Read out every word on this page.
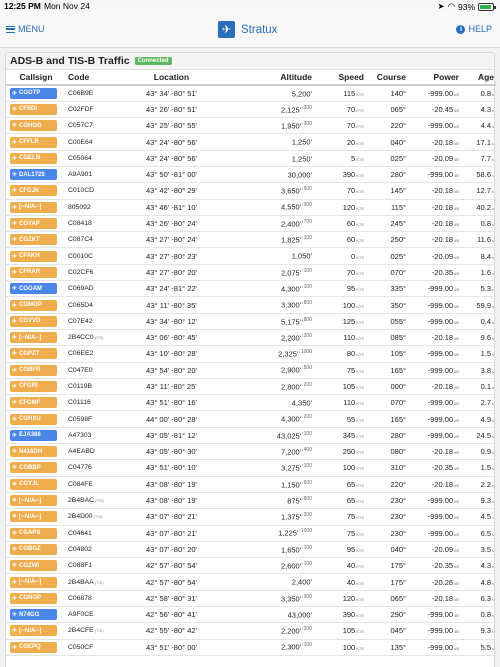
12:25 PM Mon Nov 24	➤ ◠ 93%
MENU	✈ Stratux	i HELP
ADS-B and TIS-B Traffic	Connected
Callsign	Code	Location	Altitude	Speed	Course	Power	Age

✈ CGOTP	C06B9E	43° 34' -80° 51'	5,200'	115KTS	140°	-999.00dB	0.8s

✈ CFSDI	C02FDF	43° 26' -80° 51'	$2,125'^{↑200}$	70KTS	065°	-20.45dB	4.3s

✈ CGHGG	C057C7	43° 25' -80° 55'	$1,950'^{↑300}$	70KTS	220°	-999.00dB	4.4s

✈ CFFLR	C00E64	43° 24' -80° 56'	1,250'	20KTS	040°	-20.18dB	17.1s

✈ CGELN	C05064	43° 24' -80° 56'	1,250'	5KTS	025°	-20.09dB	7.7s

✈ DAL1728	A9A901	43° 50' -81° 00'	30,000'	390KTS	280°	-999.00dB	58.6s

✈ CFGJK	C010CD	43° 42' -80° 29'	$3,650'^{↓500}$	70KTS	145°	-20.18dB	12.7s

✈ [--N/A--]	805092	43° 46' -81° 10'	$4,550'^{↑300}$	120KTS	115°	-20.18dB	40.2s

✈ CGYAP	C08418	43° 26' -80° 24'	$2,400'^{↑700}$	60KTS	245°	-20.18dB	0.8s

✈ CGZKT	C087C4	43° 27' -80° 24'	$1,825'^{↑100}$	60KTS	250°	-20.18dB	11.6s

✈ CFAKH	C0010C	43° 27' -80° 23'	1,050'	0KTS	025°	-20.09dB	8.4s

✈ CFRAR	C02CF6	43° 27' -80° 20'	$2,075'^{↑100}$	70KTS	070°	-20.35dB	1.6s

✈ CGOAM	C069AD	43° 24' -81° 22'	$4,300'^{↓100}$	95KTS	335°	-999.00dB	5.3s

✈ CGMOP	C065D4	43° 11' -80° 35'	$3,300'^{↓800}$	100KTS	350°	-999.00dB	59.9s

✈ CGVVD	C07E42	43° 34' -80° 12'	$5,175'^{↓800}$	125KTS	055°	-999.00dB	0.4s

✈ [--N/A--]	2B4CC0(TIS)	43° 06' -80° 45'	$2,200'^{↑200}$	110KTS	085°	-20.18dB	9.6s

✈ CGPZT	C06EE2	43° 10' -80° 28'	$2,325'^{↓1000}$	80KTS	105°	-999.00dB	1.5s

✈ CGBFR	C047E0	43° 54' -80° 20'	$2,900'^{↑500}$	75KTS	165°	-999.00dB	3.8s

✈ CFGRI	C0119B	43° 11' -80° 25'	$2,800'^{↓200}$	105KTS	000°	-20.18dB	0.1s

✈ CFGMF	C01116	43° 51' -80° 16'	4,350'	110KTS	070°	-999.00dB	2.7s

✈ CGHXU	C0598F	44° 00' -80° 28'	$4,300'^{↓200}$	55KTS	165°	-999.00dB	4.9s

✈ EJA386	A47303	43° 05' -81° 12'	$43,025'^{↑100}$	345KTS	280°	-999.00dB	24.5s

✈ N416DH	A4EABD	43° 05' -80° 30'	$7,200'^{↓400}$	250KTS	080°	-20.18dB	0.9s

✈ CGBBP	C04776	43° 51' -80° 10'	$3,275'^{↑100}$	100KTS	310°	-20.35dB	1.5s

✈ CGYJL	C084FE	43° 08' -80° 19'	$1,150'^{↓600}$	65KTS	220°	-20.18dB	2.2s

✈ [--N/A--]	2B4BAC(TIS)	43° 08' -80° 19'	$875'^{↓800}$	65KTS	230°	-999.00dB	9.3s

✈ [--N/A--]	2B4D00(TIS)	43° 07' -80° 21'	$1,375'^{↓200}$	75KTS	230°	-999.00dB	4.5s

✈ CGAPS	C04641	43° 07' -80° 21'	$1,225'^{↑1000}$	75KTS	230°	-999.00dB	6.5s

✈ CGBGZ	C04802	43° 07' -80° 20'	$1,650'^{↓100}$	95KTS	040°	-20.09dB	3.5s

✈ CGZWI	C088F1	42° 57' -80° 54'	$2,600'^{↑100}$	40KTS	175°	-20.35dB	4.3s

✈ [--N/A--]	2B4BAA(TIS)	42° 57' -80° 54'	2,400'	40KTS	175°	-20.26dB	4.8s

✈ CGNOP	C06878	42° 58' -80° 31'	$3,350'^{↓300}$	120KTS	065°	-20.18dB	6.3s

✈ N74GG	A9F0CE	42° 56' -80° 41'	43,000'	390KTS	290°	-999.00dB	0.8s

✈ [--N/A--]	2B4CFE(TIS)	42° 55' -80° 42'	$2,200'^{↑200}$	105KTS	045°	-999.00dB	9.3s

✈ CGEPQ	C050CF	43° 51' -80° 00'	$2,300'^{↑100}$	100KTS	135°	-999.00dB	5.5s
